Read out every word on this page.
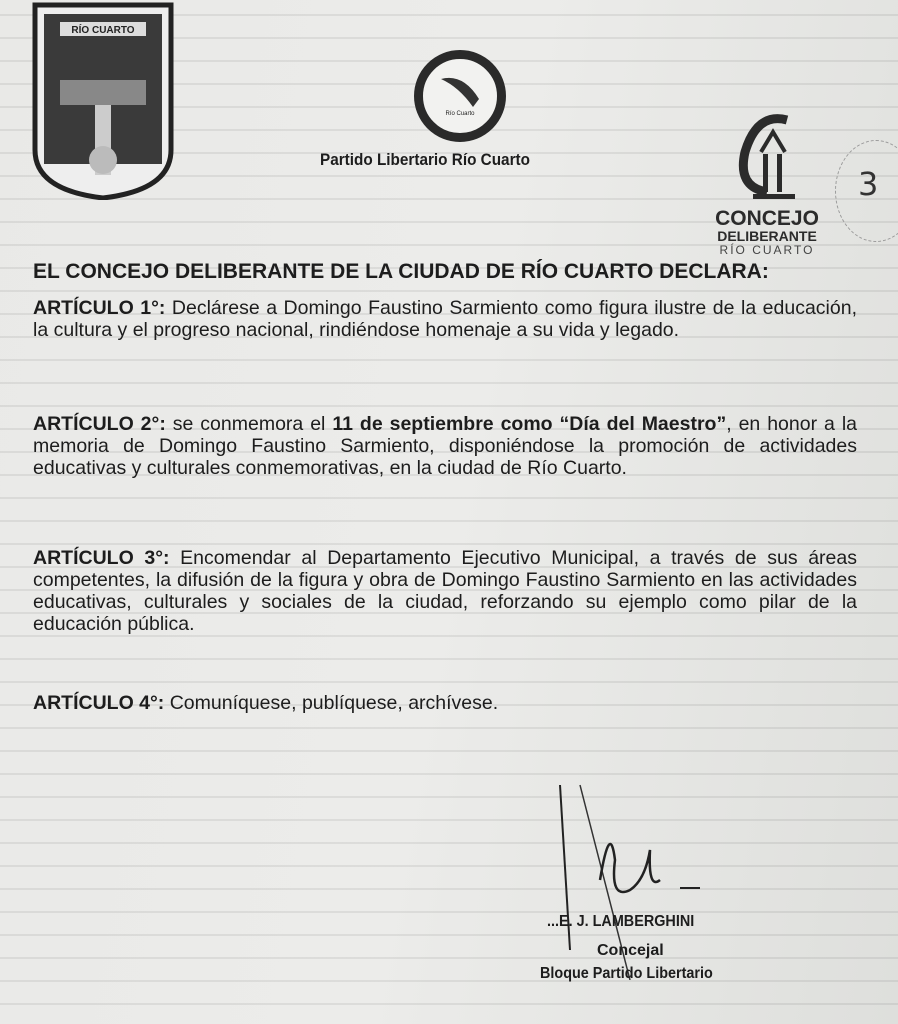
RÍO CUARTO
Río Cuarto
Partido Libertario Río Cuarto
CONCEJO
DELIBERANTE
RÍO CUARTO
3
EL CONCEJO DELIBERANTE DE LA CIUDAD DE RÍO CUARTO DECLARA:

ARTÍCULO 1°: Declárese a Domingo Faustino Sarmiento como figura ilustre de la educación, la cultura y el progreso nacional, rindiéndose homenaje a su vida y legado.

ARTÍCULO 2°: se conmemora el 11 de septiembre como “Día del Maestro”, en honor a la memoria de Domingo Faustino Sarmiento, disponiéndose la promoción de actividades educativas y culturales conmemorativas, en la ciudad de Río Cuarto.

ARTÍCULO 3°: Encomendar al Departamento Ejecutivo Municipal, a través de sus áreas competentes, la difusión de la figura y obra de Domingo Faustino Sarmiento en las actividades educativas, culturales y sociales de la ciudad, reforzando su ejemplo como pilar de la educación pública.

ARTÍCULO 4°: Comuníquese, publíquese, archívese.

...E. J. LAMBERGHINI
Concejal
Bloque Partido Libertario
